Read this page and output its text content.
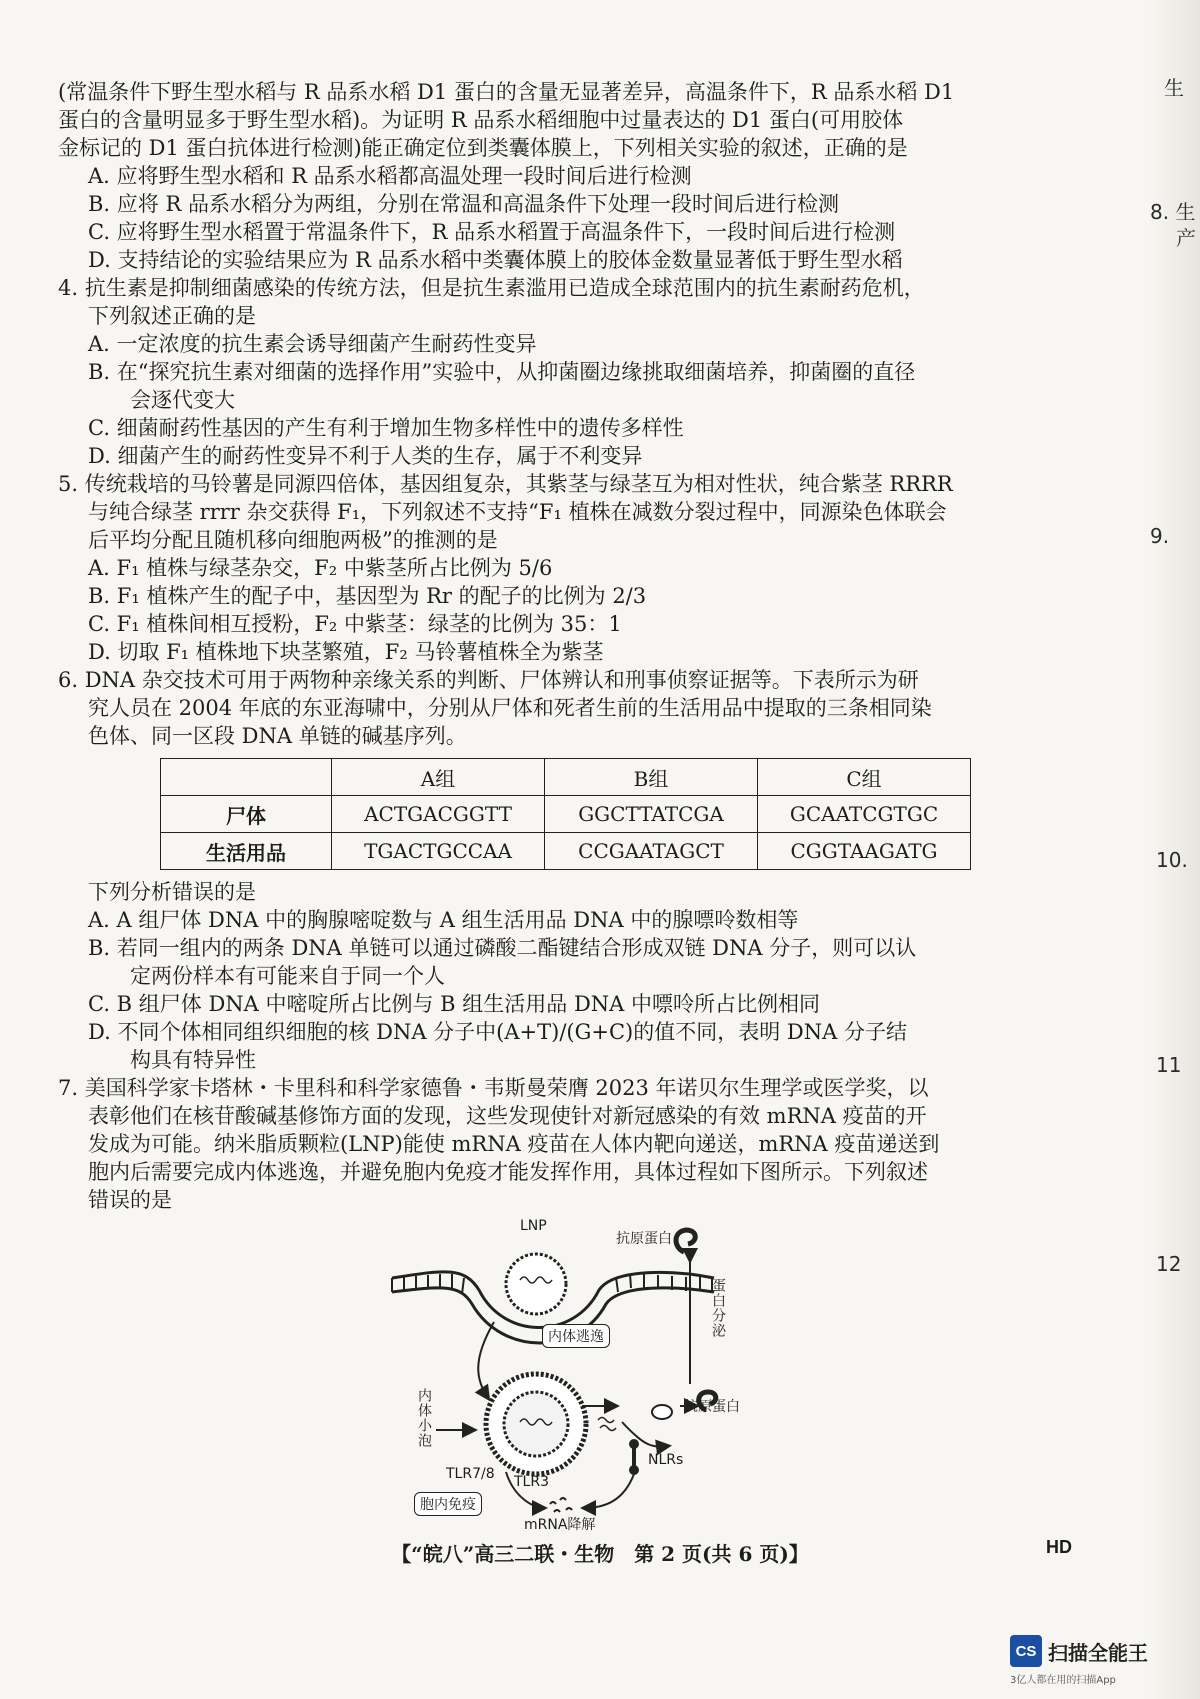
(常温条件下野生型水稻与 R 品系水稻 D1 蛋白的含量无显著差异，高温条件下，R 品系水稻 D1
蛋白的含量明显多于野生型水稻)。为证明 R 品系水稻细胞中过量表达的 D1 蛋白(可用胶体
金标记的 D1 蛋白抗体进行检测)能正确定位到类囊体膜上，下列相关实验的叙述，正确的是
A. 应将野生型水稻和 R 品系水稻都高温处理一段时间后进行检测
B. 应将 R 品系水稻分为两组，分别在常温和高温条件下处理一段时间后进行检测
C. 应将野生型水稻置于常温条件下，R 品系水稻置于高温条件下，一段时间后进行检测
D. 支持结论的实验结果应为 R 品系水稻中类囊体膜上的胶体金数量显著低于野生型水稻
4. 抗生素是抑制细菌感染的传统方法，但是抗生素滥用已造成全球范围内的抗生素耐药危机，
下列叙述正确的是
A. 一定浓度的抗生素会诱导细菌产生耐药性变异
B. 在“探究抗生素对细菌的选择作用”实验中，从抑菌圈边缘挑取细菌培养，抑菌圈的直径
会逐代变大
C. 细菌耐药性基因的产生有利于增加生物多样性中的遗传多样性
D. 细菌产生的耐药性变异不利于人类的生存，属于不利变异
5. 传统栽培的马铃薯是同源四倍体，基因组复杂，其紫茎与绿茎互为相对性状，纯合紫茎 RRRR
与纯合绿茎 rrrr 杂交获得 F₁，下列叙述不支持“F₁ 植株在减数分裂过程中，同源染色体联会
后平均分配且随机移向细胞两极”的推测的是
A. F₁ 植株与绿茎杂交，F₂ 中紫茎所占比例为 5/6
B. F₁ 植株产生的配子中，基因型为 Rr 的配子的比例为 2/3
C. F₁ 植株间相互授粉，F₂ 中紫茎：绿茎的比例为 35：1
D. 切取 F₁ 植株地下块茎繁殖，F₂ 马铃薯植株全为紫茎
6. DNA 杂交技术可用于两物种亲缘关系的判断、尸体辨认和刑事侦察证据等。下表所示为研
究人员在 2004 年底的东亚海啸中，分别从尸体和死者生前的生活用品中提取的三条相同染
色体、同一区段 DNA 单链的碱基序列。
	A组	B组	C组
尸体	ACTGACGGTT	GGCTTATCGA	GCAATCGTGC
生活用品	TGACTGCCAA	CCGAATAGCT	CGGTAAGATG
下列分析错误的是
A. A 组尸体 DNA 中的胸腺嘧啶数与 A 组生活用品 DNA 中的腺嘌呤数相等
B. 若同一组内的两条 DNA 单链可以通过磷酸二酯键结合形成双链 DNA 分子，则可以认
定两份样本有可能来自于同一个人
C. B 组尸体 DNA 中嘧啶所占比例与 B 组生活用品 DNA 中嘌呤所占比例相同
D. 不同个体相同组织细胞的核 DNA 分子中(A+T)/(G+C)的值不同，表明 DNA 分子结
构具有特异性
7. 美国科学家卡塔林・卡里科和科学家德鲁・韦斯曼荣膺 2023 年诺贝尔生理学或医学奖，以
表彰他们在核苷酸碱基修饰方面的发现，这些发现使针对新冠感染的有效 mRNA 疫苗的开
发成为可能。纳米脂质颗粒(LNP)能使 mRNA 疫苗在人体内靶向递送，mRNA 疫苗递送到
胞内后需要完成内体逃逸，并避免胞内免疫才能发挥作用，具体过程如下图所示。下列叙述
错误的是
LNP
抗原蛋白
蛋白分泌
内体逃逸
内体小泡	抗原蛋白
TLR7/8 TLR3
NLRs
胞内免疫
mRNA降解
生
8. 生
产
9.
10.
11
12
【“皖八”高三二联・生物　第 2 页(共 6 页)】	HD
CS 扫描全能王
3亿人都在用的扫描App
